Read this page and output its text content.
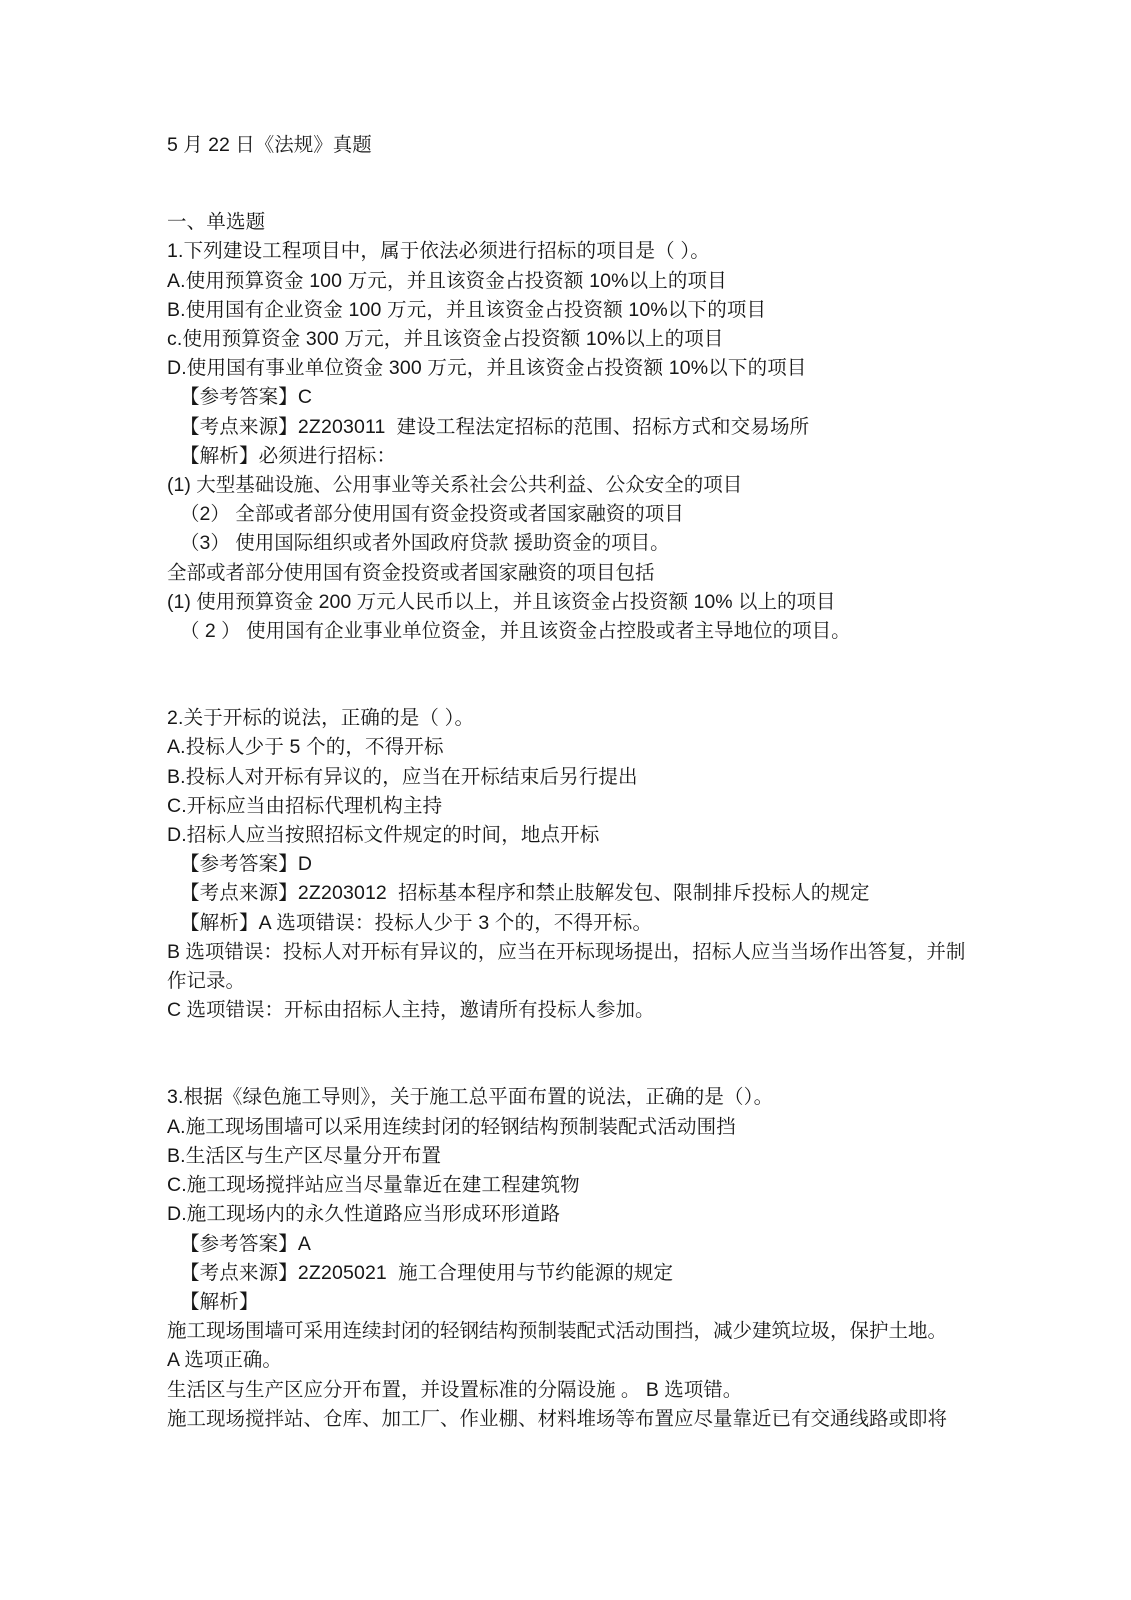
5 月 22 日《法规》真题
一、单选题
1.下列建设工程项目中，属于依法必须进行招标的项目是（ ）。
A.使用预算资金 100 万元，并且该资金占投资额 10%以上的项目
B.使用国有企业资金 100 万元，并且该资金占投资额 10%以下的项目
c.使用预算资金 300 万元，并且该资金占投资额 10%以上的项目
D.使用国有事业单位资金 300 万元，并且该资金占投资额 10%以下的项目
【参考答案】C
【考点来源】2Z203011  建设工程法定招标的范围、招标方式和交易场所
【解析】必须进行招标：
(1) 大型基础设施、公用事业等关系社会公共利益、公众安全的项目
（2） 全部或者部分使用国有资金投资或者国家融资的项目
（3） 使用国际组织或者外国政府贷款 援助资金的项目。
全部或者部分使用国有资金投资或者国家融资的项目包括
(1) 使用预算资金 200 万元人民币以上，并且该资金占投资额 10% 以上的项目
（ 2 ） 使用国有企业事业单位资金，并且该资金占控股或者主导地位的项目。
2.关于开标的说法，正确的是（ ）。
A.投标人少于 5 个的，不得开标
B.投标人对开标有异议的，应当在开标结束后另行提出
C.开标应当由招标代理机构主持
D.招标人应当按照招标文件规定的时间，地点开标
【参考答案】D
【考点来源】2Z203012  招标基本程序和禁止肢解发包、限制排斥投标人的规定
【解析】A 选项错误：投标人少于 3 个的，不得开标。
B 选项错误：投标人对开标有异议的，应当在开标现场提出，招标人应当当场作出答复，并制作记录。
C 选项错误：开标由招标人主持，邀请所有投标人参加。
3.根据《绿色施工导则》，关于施工总平面布置的说法，正确的是（）。
A.施工现场围墙可以采用连续封闭的轻钢结构预制装配式活动围挡
B.生活区与生产区尽量分开布置
C.施工现场搅拌站应当尽量靠近在建工程建筑物
D.施工现场内的永久性道路应当形成环形道路
【参考答案】A
【考点来源】2Z205021  施工合理使用与节约能源的规定
【解析】
施工现场围墙可采用连续封闭的轻钢结构预制装配式活动围挡，减少建筑垃圾，保护土地。
A 选项正确。
生活区与生产区应分开布置，并设置标准的分隔设施 。 B 选项错。
施工现场搅拌站、仓库、加工厂、作业棚、材料堆场等布置应尽量靠近已有交通线路或即将
